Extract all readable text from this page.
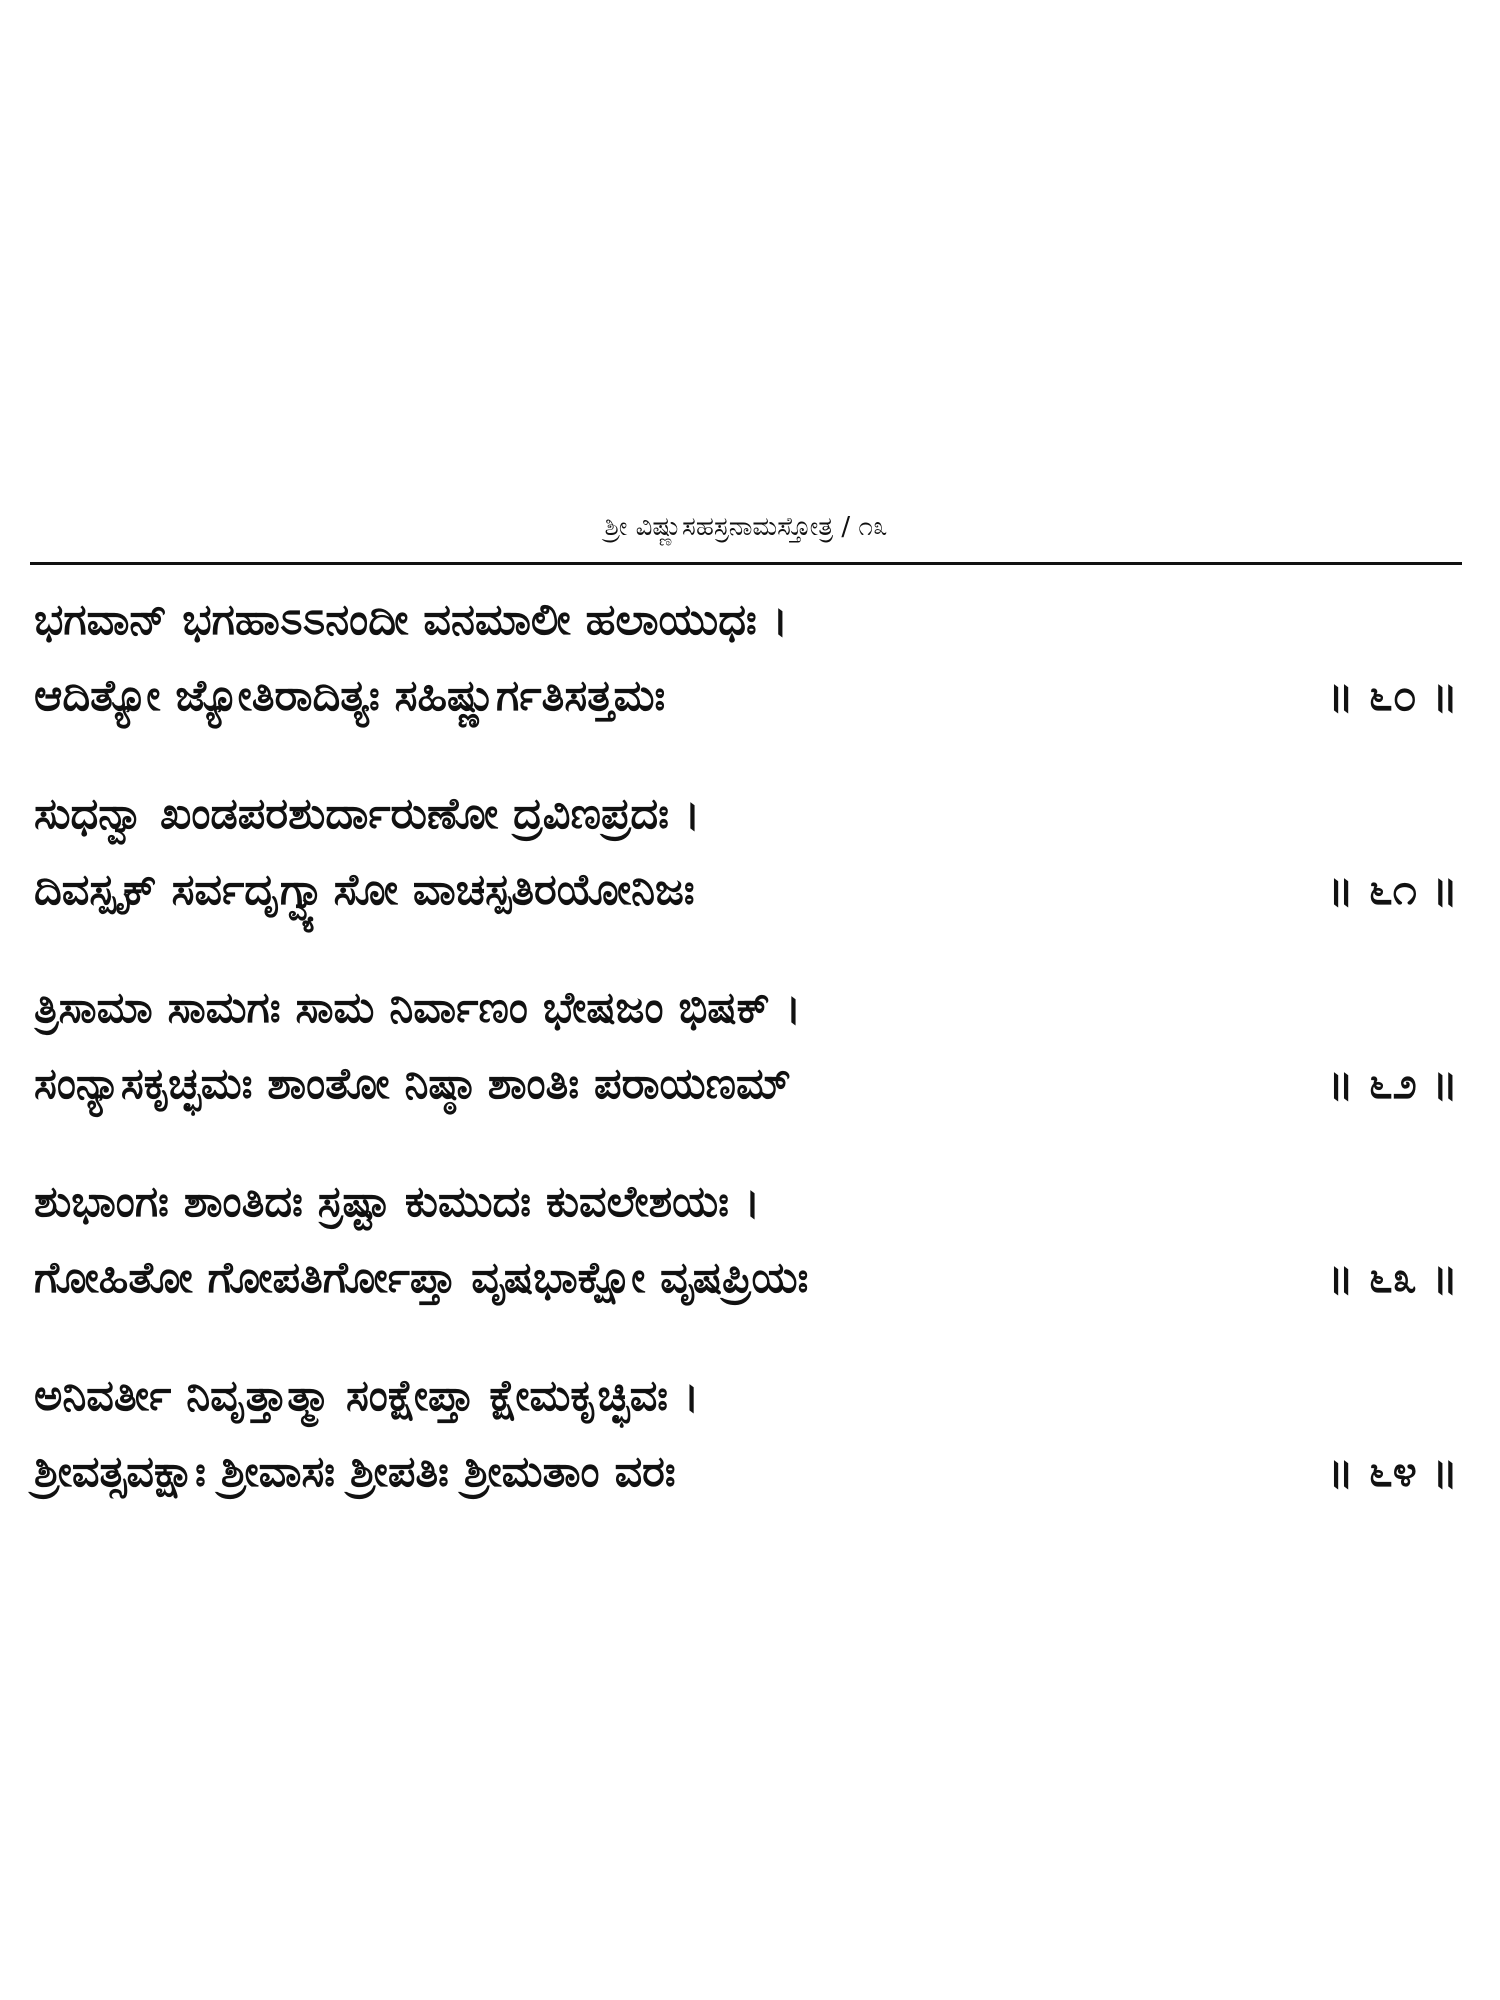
ಶ್ರೀ ವಿಷ್ಣುಸಹಸ್ರನಾಮಸ್ತೋತ್ರ / ೧೩
ಭಗವಾನ್ ಭಗಹಾಽಽನಂದೀ ವನಮಾಲೀ ಹಲಾಯುಧಃ ।
ಆದಿತ್ಯೋ ಜ್ಯೋತಿರಾದಿತ್ಯಃ ಸಹಿಷ್ಣುರ್ಗತಿಸತ್ತಮಃ	॥ ೬೦ ॥
ಸುಧನ್ವಾ ಖಂಡಪರಶುರ್ದಾರುಣೋ ದ್ರವಿಣಪ್ರದಃ ।
ದಿವಸ್ಪೃಕ್ ಸರ್ವದೃಗ್ವ್ಯಾಸೋ ವಾಚಸ್ಪತಿರಯೋನಿಜಃ	॥ ೬೧ ॥
ತ್ರಿಸಾಮಾ ಸಾಮಗಃ ಸಾಮ ನಿರ್ವಾಣಂ ಭೇಷಜಂ ಭಿಷಕ್ ।
ಸಂನ್ಯಾಸಕೃಚ್ಛಮಃ ಶಾಂತೋ ನಿಷ್ಠಾ ಶಾಂತಿಃ ಪರಾಯಣಮ್	॥ ೬೨ ॥
ಶುಭಾಂಗಃ ಶಾಂತಿದಃ ಸ್ರಷ್ಟಾ ಕುಮುದಃ ಕುವಲೇಶಯಃ ।
ಗೋಹಿತೋ ಗೋಪತಿರ್ಗೋಪ್ತಾ ವೃಷಭಾಕ್ಷೋ ವೃಷಪ್ರಿಯಃ	॥ ೬೩ ॥
ಅನಿವರ್ತೀ ನಿವೃತ್ತಾತ್ಮಾ ಸಂಕ್ಷೇಪ್ತಾ ಕ್ಷೇಮಕೃಚ್ಛಿವಃ ।
ಶ್ರೀವತ್ಸವಕ್ಷಾಃ ಶ್ರೀವಾಸಃ ಶ್ರೀಪತಿಃ ಶ್ರೀಮತಾಂ ವರಃ	॥ ೬೪ ॥
